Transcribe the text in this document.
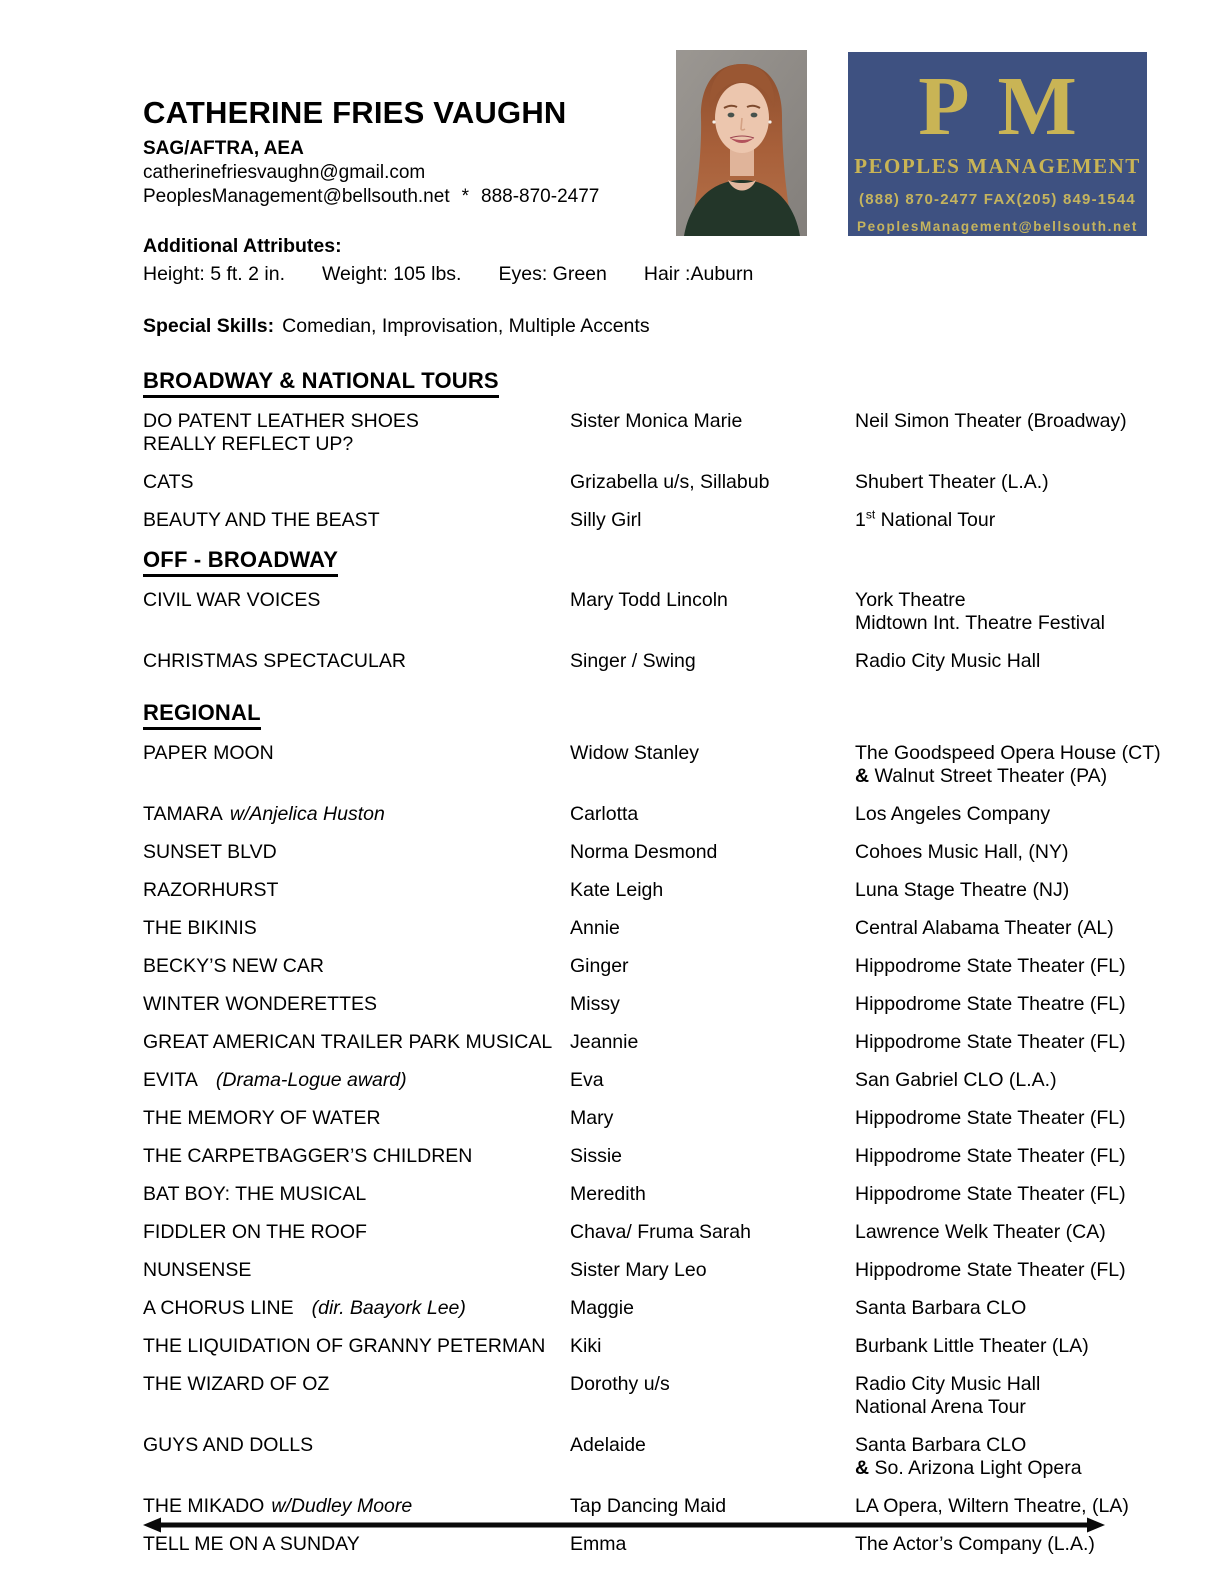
CATHERINE FRIES VAUGHN
SAG/AFTRA, AEA
catherinefriesvaughn@gmail.com
PeoplesManagement@bellsouth.net * 888-870-2477
Additional Attributes:
Height: 5 ft. 2 in. Weight: 105 lbs. Eyes: Green Hair :Auburn
Special Skills: Comedian, Improvisation, Multiple Accents
BROADWAY & NATIONAL TOURS
DO PATENT LEATHER SHOES
REALLY REFLECT UP?
Sister Monica Marie	Neil Simon Theater (Broadway)
CATS	Grizabella u/s, Sillabub	Shubert Theater (L.A.)
BEAUTY AND THE BEAST	Silly Girl	1st National Tour
OFF - BROADWAY
CIVIL WAR VOICES	Mary Todd Lincoln	York Theatre
Midtown Int. Theatre Festival
CHRISTMAS SPECTACULAR	Singer / Swing	Radio City Music Hall
REGIONAL
PAPER MOON	Widow Stanley	The Goodspeed Opera House (CT)
& Walnut Street Theater (PA)
TAMARA w/Anjelica Huston	Carlotta	Los Angeles Company
SUNSET BLVD	Norma Desmond	Cohoes Music Hall, (NY)
RAZORHURST	Kate Leigh	Luna Stage Theatre (NJ)
THE BIKINIS	Annie	Central Alabama Theater (AL)
BECKY’S NEW CAR	Ginger	Hippodrome State Theater (FL)
WINTER WONDERETTES	Missy	Hippodrome State Theatre (FL)
GREAT AMERICAN TRAILER PARK MUSICAL Jeannie	Hippodrome State Theater (FL)
EVITA (Drama-Logue award)	Eva	San Gabriel CLO (L.A.)
THE MEMORY OF WATER	Mary	Hippodrome State Theater (FL)
THE CARPETBAGGER’S CHILDREN	Sissie	Hippodrome State Theater (FL)
BAT BOY: THE MUSICAL	Meredith	Hippodrome State Theater (FL)
FIDDLER ON THE ROOF	Chava/ Fruma Sarah	Lawrence Welk Theater (CA)
NUNSENSE	Sister Mary Leo	Hippodrome State Theater (FL)
A CHORUS LINE (dir. Baayork Lee)	Maggie	Santa Barbara CLO
THE LIQUIDATION OF GRANNY PETERMAN	Kiki	Burbank Little Theater (LA)
THE WIZARD OF OZ	Dorothy u/s	Radio City Music Hall
National Arena Tour
GUYS AND DOLLS	Adelaide	Santa Barbara CLO
& So. Arizona Light Opera
THE MIKADO w/Dudley Moore	Tap Dancing Maid	LA Opera, Wiltern Theatre, (LA)
TELL ME ON A SUNDAY	Emma	The Actor’s Company (L.A.)
P M
PEOPLES MANAGEMENT
(888) 870-2477 FAX(205) 849-1544
PeoplesManagement@bellsouth.net
